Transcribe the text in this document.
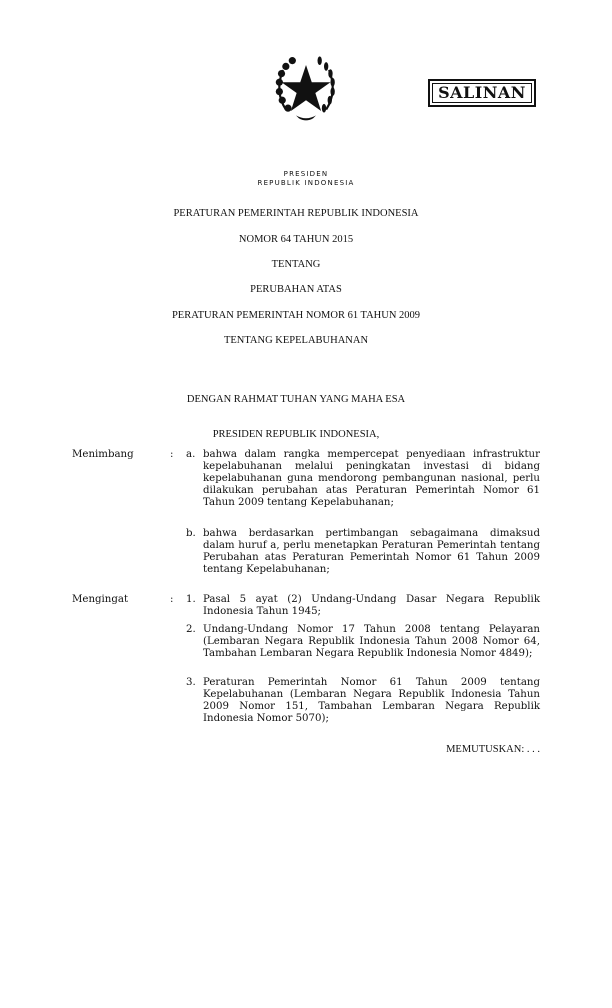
SALINAN
PRESIDEN
REPUBLIK INDONESIA
PERATURAN PEMERINTAH REPUBLIK INDONESIA
NOMOR 64 TAHUN 2015
TENTANG
PERUBAHAN ATAS
PERATURAN PEMERINTAH NOMOR 61 TAHUN 2009
TENTANG KEPELABUHANAN
DENGAN RAHMAT TUHAN YANG MAHA ESA
PRESIDEN REPUBLIK INDONESIA,
Menimbang	: a. bahwa dalam rangka mempercepat penyediaan infrastruktur kepelabuhanan melalui peningkatan investasi di bidang kepelabuhanan guna mendorong pembangunan nasional, perlu dilakukan perubahan atas Peraturan Pemerintah Nomor 61 Tahun 2009 tentang Kepelabuhanan;
b. bahwa berdasarkan pertimbangan sebagaimana dimaksud dalam huruf a, perlu menetapkan Peraturan Pemerintah tentang Perubahan atas Peraturan Pemerintah Nomor 61 Tahun 2009 tentang Kepelabuhanan;
Mengingat	: 1. Pasal 5 ayat (2) Undang-Undang Dasar Negara Republik Indonesia Tahun 1945;
2. Undang-Undang Nomor 17 Tahun 2008 tentang Pelayaran (Lembaran Negara Republik Indonesia Tahun 2008 Nomor 64, Tambahan Lembaran Negara Republik Indonesia Nomor 4849);
3. Peraturan Pemerintah Nomor 61 Tahun 2009 tentang Kepelabuhanan (Lembaran Negara Republik Indonesia Tahun 2009 Nomor 151, Tambahan Lembaran Negara Republik Indonesia Nomor 5070);
MEMUTUSKAN: . . .
